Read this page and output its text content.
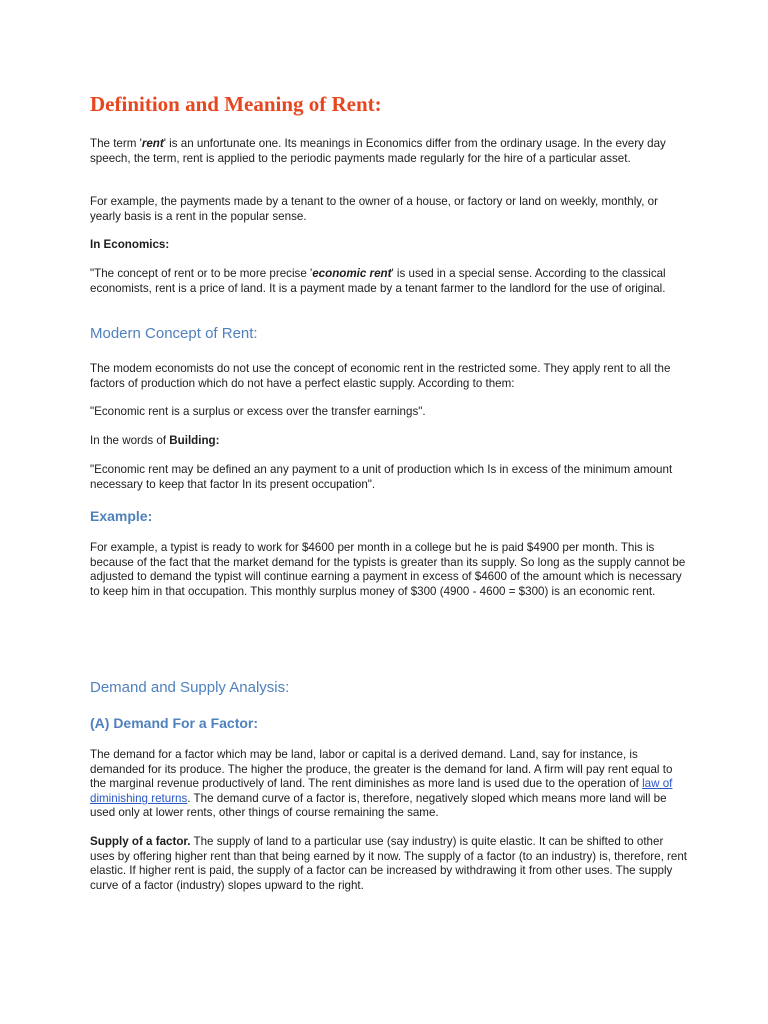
Definition and Meaning of Rent:

The term 'rent' is an unfortunate one. Its meanings in Economics differ from the ordinary usage. In the every day speech, the term, rent is applied to the periodic payments made regularly for the hire of a particular asset.

For example, the payments made by a tenant to the owner of a house, or factory or land on weekly, monthly, or yearly basis is a rent in the popular sense.

In Economics:

"The concept of rent or to be more precise 'economic rent' is used in a special sense. According to the classical economists, rent is a price of land. It is a payment made by a tenant farmer to the landlord for the use of original.

Modern Concept of Rent:

The modem economists do not use the concept of economic rent in the restricted some. They apply rent to all the factors of production which do not have a perfect elastic supply. According to them:

"Economic rent is a surplus or excess over the transfer earnings".

In the words of Building:

"Economic rent may be defined an any payment to a unit of production which Is in excess of the minimum amount necessary to keep that factor In its present occupation".

Example:

For example, a typist is ready to work for $4600 per month in a college but he is paid $4900 per month. This is because of the fact that the market demand for the typists is greater than its supply. So long as the supply cannot be adjusted to demand the typist will continue earning a payment in excess of $4600 of the amount which is necessary to keep him in that occupation. This monthly surplus money of $300 (4900 - 4600 = $300) is an economic rent.

Demand and Supply Analysis:
(A) Demand For a Factor:

The demand for a factor which may be land, labor or capital is a derived demand. Land, say for instance, is demanded for its produce. The higher the produce, the greater is the demand for land. A firm will pay rent equal to the marginal revenue productively of land. The rent diminishes as more land is used due to the operation of law of diminishing returns. The demand curve of a factor is, therefore, negatively sloped which means more land will be used only at lower rents, other things of course remaining the same.

Supply of a factor. The supply of land to a particular use (say industry) is quite elastic. It can be shifted to other uses by offering higher rent than that being earned by it now. The supply of a factor (to an industry) is, therefore, rent elastic. If higher rent is paid, the supply of a factor can be increased by withdrawing it from other uses. The supply curve of a factor (industry) slopes upward to the right.
